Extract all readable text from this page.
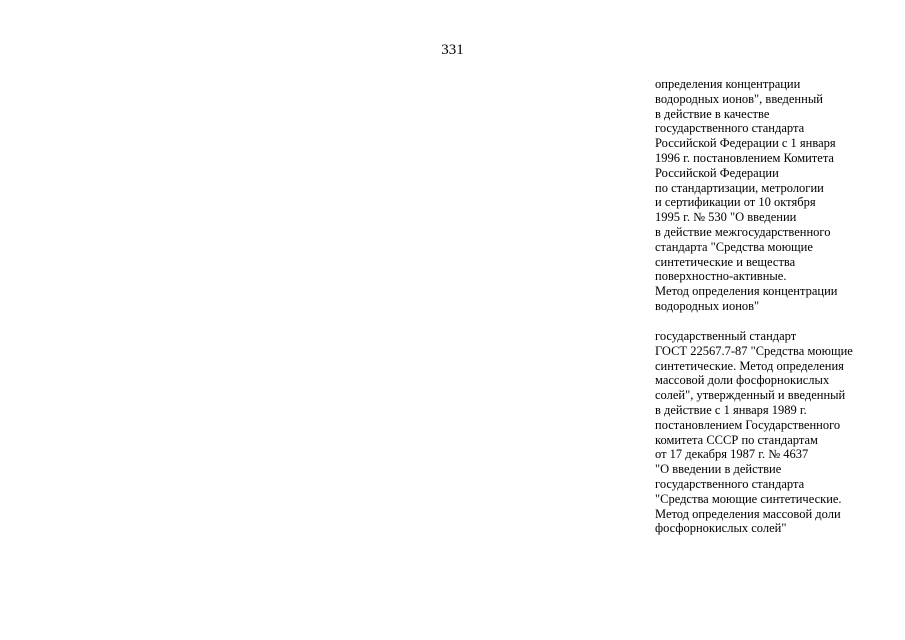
331
определения концентрации
водородных ионов", введенный
в действие в качестве
государственного стандарта
Российской Федерации с 1 января
1996 г. постановлением Комитета
Российской Федерации
по стандартизации, метрологии
и сертификации от 10 октября
1995 г. № 530 "О введении
в действие межгосударственного
стандарта "Средства моющие
синтетические и вещества
поверхностно-активные.
Метод определения концентрации
водородных ионов"
государственный стандарт
ГОСТ 22567.7-87 "Средства моющие
синтетические. Метод определения
массовой доли фосфорнокислых
солей", утвержденный и введенный
в действие с 1 января 1989 г.
постановлением Государственного
комитета СССР по стандартам
от 17 декабря 1987 г. № 4637
"О введении в действие
государственного стандарта
"Средства моющие синтетические.
Метод определения массовой доли
фосфорнокислых солей"
